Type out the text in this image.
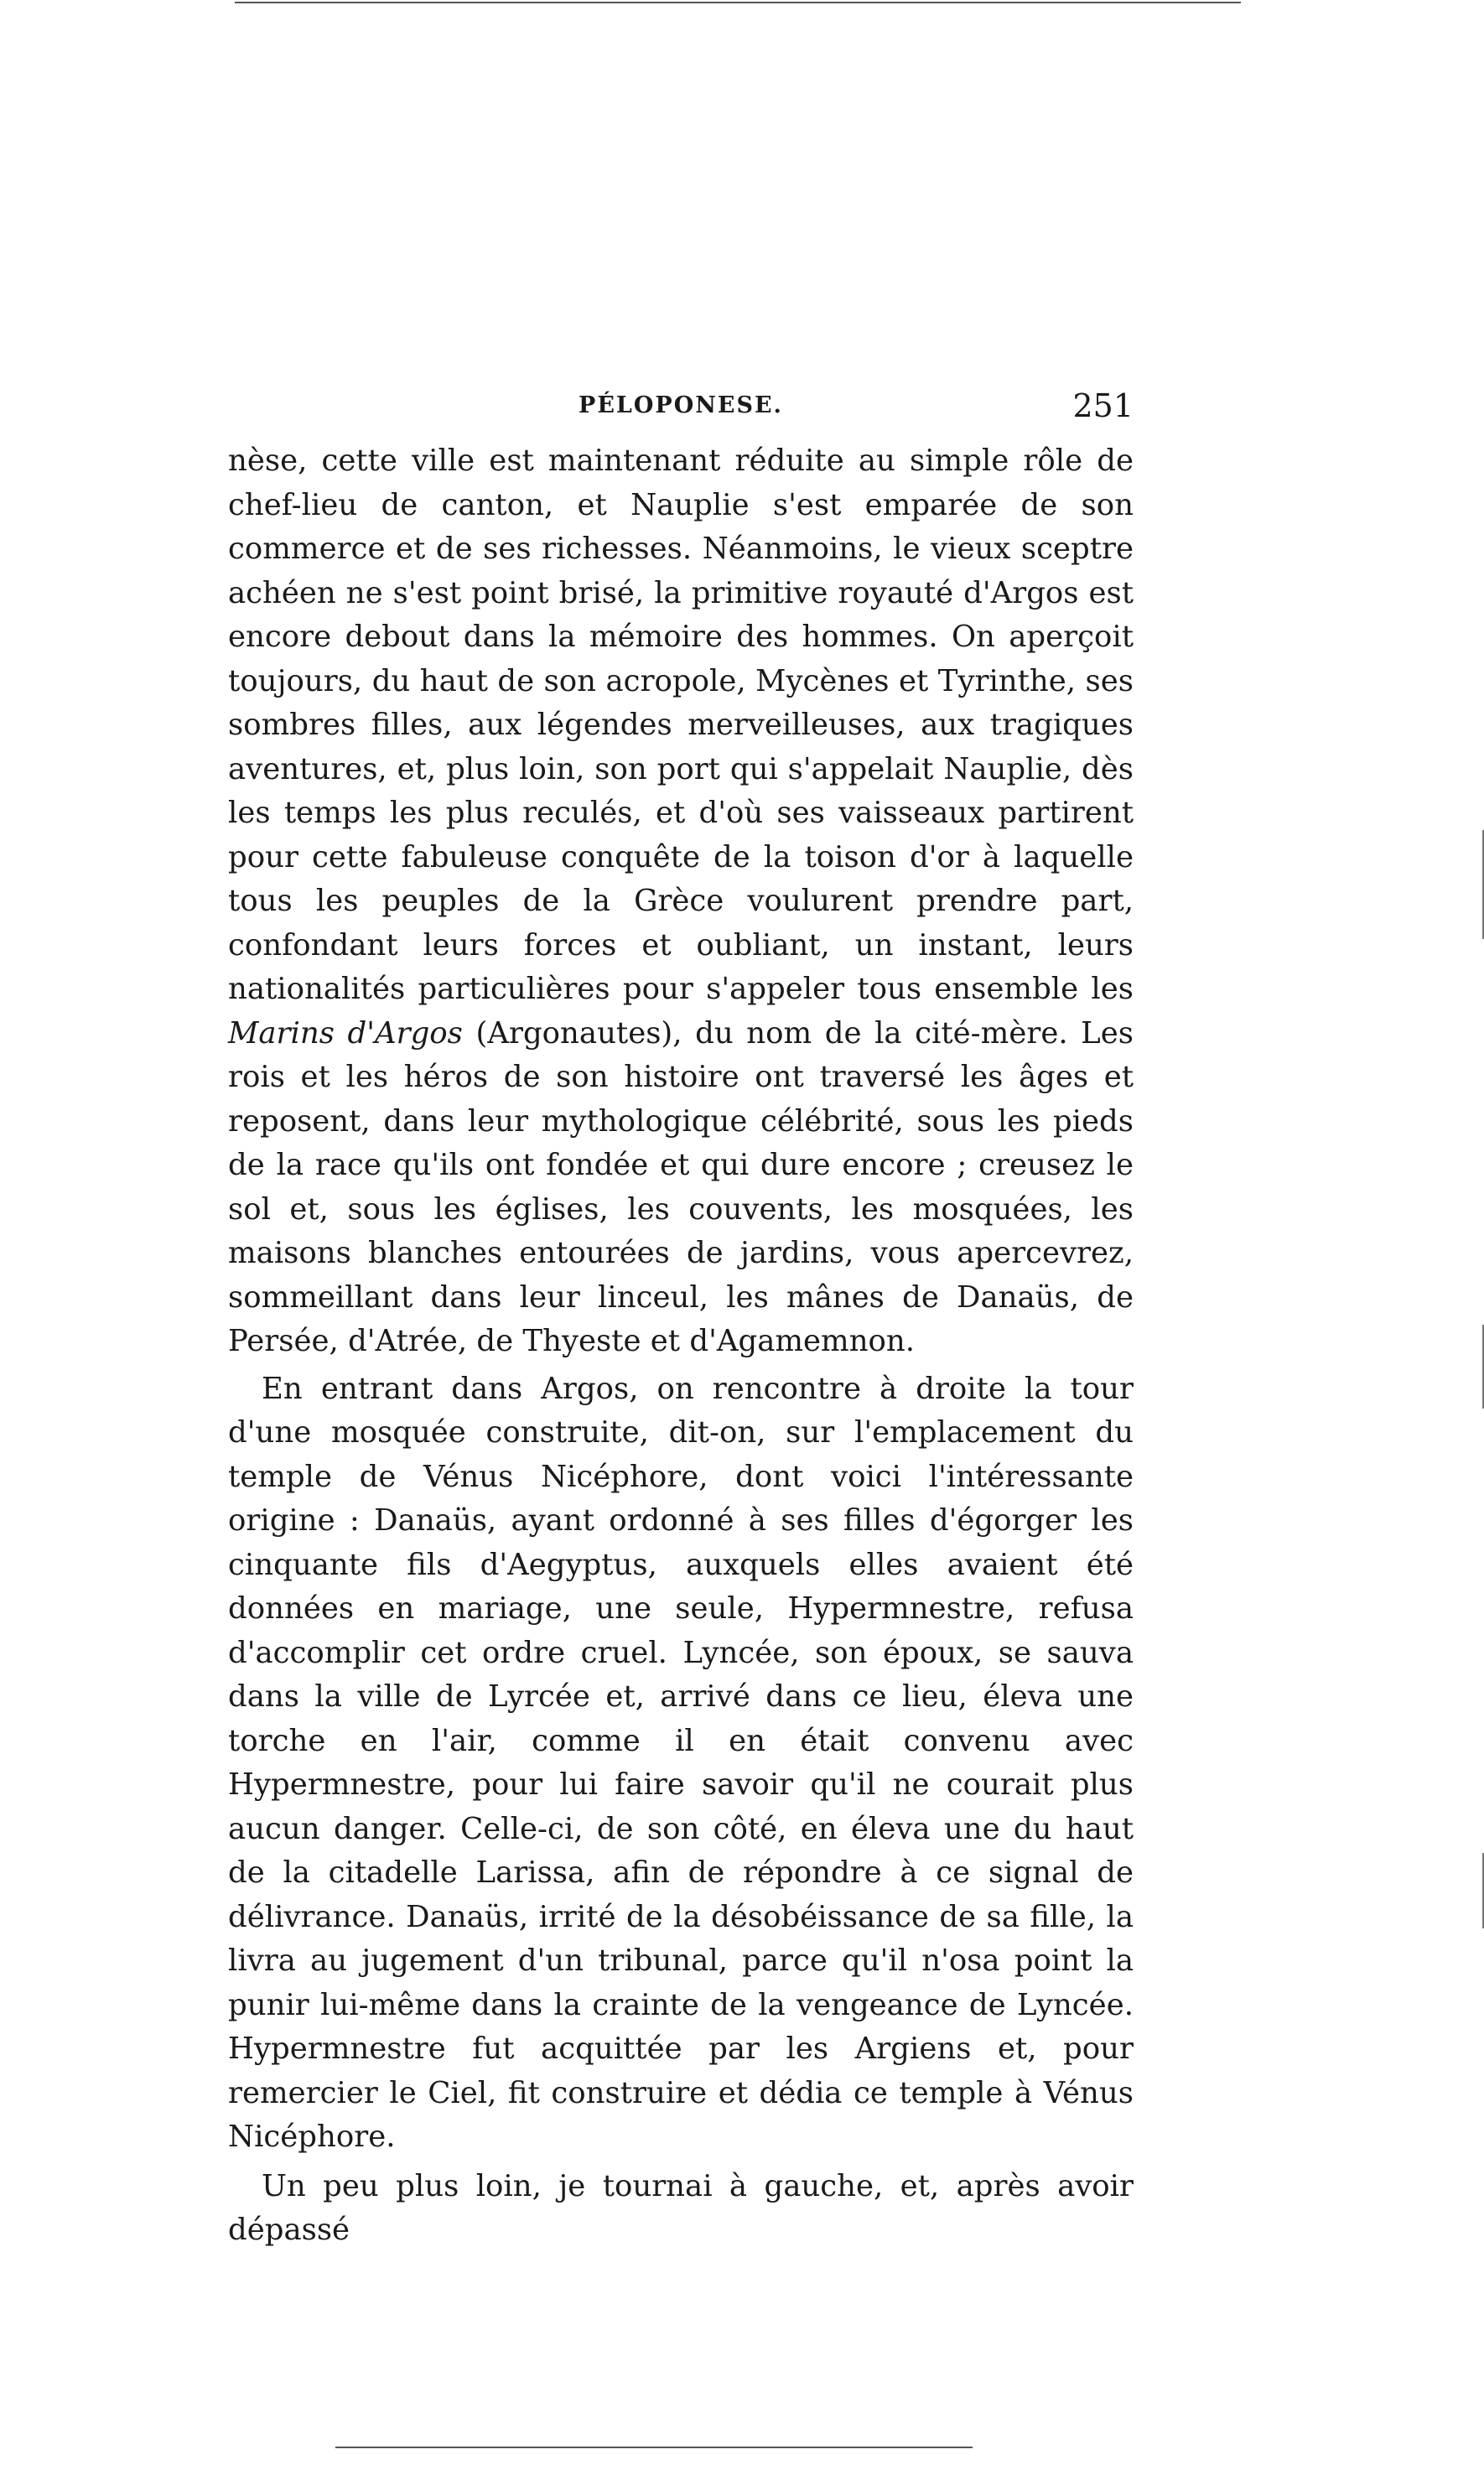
PÉLOPONESE.	251

nèse, cette ville est maintenant réduite au simple rôle de chef-lieu de canton, et Nauplie s'est emparée de son commerce et de ses richesses. Néanmoins, le vieux sceptre achéen ne s'est point brisé, la primitive royauté d'Argos est encore debout dans la mémoire des hommes. On aperçoit toujours, du haut de son acropole, Mycènes et Tyrinthe, ses sombres filles, aux légendes merveilleuses, aux tragiques aventures, et, plus loin, son port qui s'appelait Nauplie, dès les temps les plus reculés, et d'où ses vaisseaux partirent pour cette fabuleuse conquête de la toison d'or à laquelle tous les peuples de la Grèce voulurent prendre part, confondant leurs forces et oubliant, un instant, leurs nationalités particulières pour s'appeler tous ensemble les Marins d'Argos (Argonautes), du nom de la cité-mère. Les rois et les héros de son histoire ont traversé les âges et reposent, dans leur mythologique célébrité, sous les pieds de la race qu'ils ont fondée et qui dure encore ; creusez le sol et, sous les églises, les couvents, les mosquées, les maisons blanches entourées de jardins, vous apercevrez, sommeillant dans leur linceul, les mânes de Danaüs, de Persée, d'Atrée, de Thyeste et d'Agamemnon.

En entrant dans Argos, on rencontre à droite la tour d'une mosquée construite, dit-on, sur l'emplacement du temple de Vénus Nicéphore, dont voici l'intéressante origine : Danaüs, ayant ordonné à ses filles d'égorger les cinquante fils d'Aegyptus, auxquels elles avaient été données en mariage, une seule, Hypermnestre, refusa d'accomplir cet ordre cruel. Lyncée, son époux, se sauva dans la ville de Lyrcée et, arrivé dans ce lieu, éleva une torche en l'air, comme il en était convenu avec Hypermnestre, pour lui faire savoir qu'il ne courait plus aucun danger. Celle-ci, de son côté, en éleva une du haut de la citadelle Larissa, afin de répondre à ce signal de délivrance. Danaüs, irrité de la désobéissance de sa fille, la livra au jugement d'un tribunal, parce qu'il n'osa point la punir lui-même dans la crainte de la vengeance de Lyncée. Hypermnestre fut acquittée par les Argiens et, pour remercier le Ciel, fit construire et dédia ce temple à Vénus Nicéphore.

Un peu plus loin, je tournai à gauche, et, après avoir dépassé
